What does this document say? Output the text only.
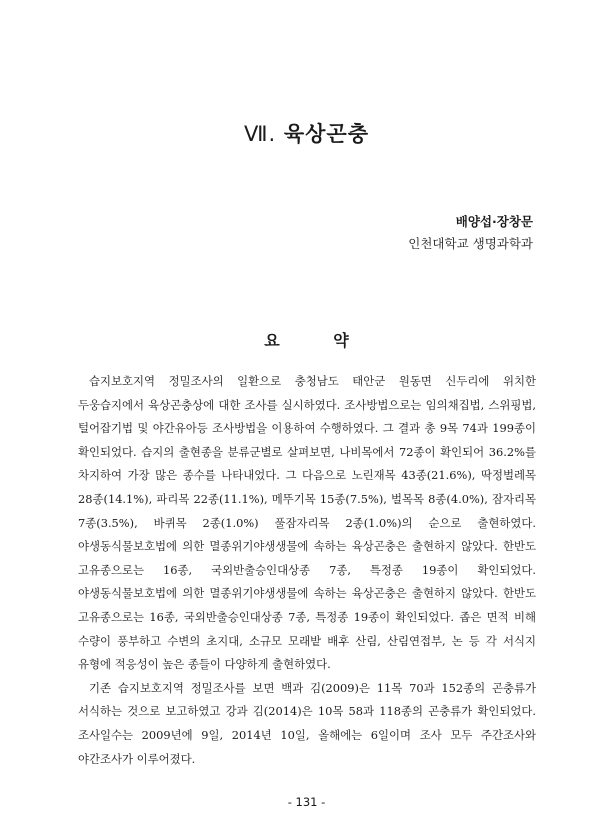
Ⅶ. 육상곤충
배양섭·장창문
인천대학교 생명과학과
요 약

습지보호지역 정밀조사의 일환으로 충청남도 태안군 원동면 신두리에 위치한 두웅습지에서 육상곤충상에 대한 조사를 실시하였다. 조사방법으로는 임의채집법, 스위핑법, 털어잡기법 및 야간유아등 조사방법을 이용하여 수행하였다. 그 결과 총 9목 74과 199종이 확인되었다. 습지의 출현종을 분류군별로 살펴보면, 나비목에서 72종이 확인되어 36.2%를 차지하여 가장 많은 종수를 나타내었다. 그 다음으로 노린재목 43종(21.6%), 딱정벌레목 28종(14.1%), 파리목 22종(11.1%), 메뚜기목 15종(7.5%), 벌목목 8종(4.0%), 잠자리목 7종(3.5%), 바퀴목 2종(1.0%) 풀잠자리목 2종(1.0%)의 순으로 출현하였다. 야생동식물보호법에 의한 멸종위기야생생물에 속하는 육상곤충은 출현하지 않았다. 한반도 고유종으로는 16종, 국외반출승인대상종 7종, 특정종 19종이 확인되었다. 야생동식물보호법에 의한 멸종위기야생생물에 속하는 육상곤충은 출현하지 않았다. 한반도 고유종으로는 16종, 국외반출승인대상종 7종, 특정종 19종이 확인되었다. 좁은 면적 비해 수량이 풍부하고 수변의 초지대, 소규모 모래밭 배후 산림, 산림연접부, 논 등 각 서식지 유형에 적응성이 높은 종들이 다양하게 출현하였다.

기존 습지보호지역 정밀조사를 보면 백과 김(2009)은 11목 70과 152종의 곤충류가 서식하는 것으로 보고하였고 강과 김(2014)은 10목 58과 118종의 곤충류가 확인되었다. 조사일수는 2009년에 9일, 2014년 10일, 올해에는 6일이며 조사 모두 주간조사와 야간조사가 이루어졌다.

- 131 -
